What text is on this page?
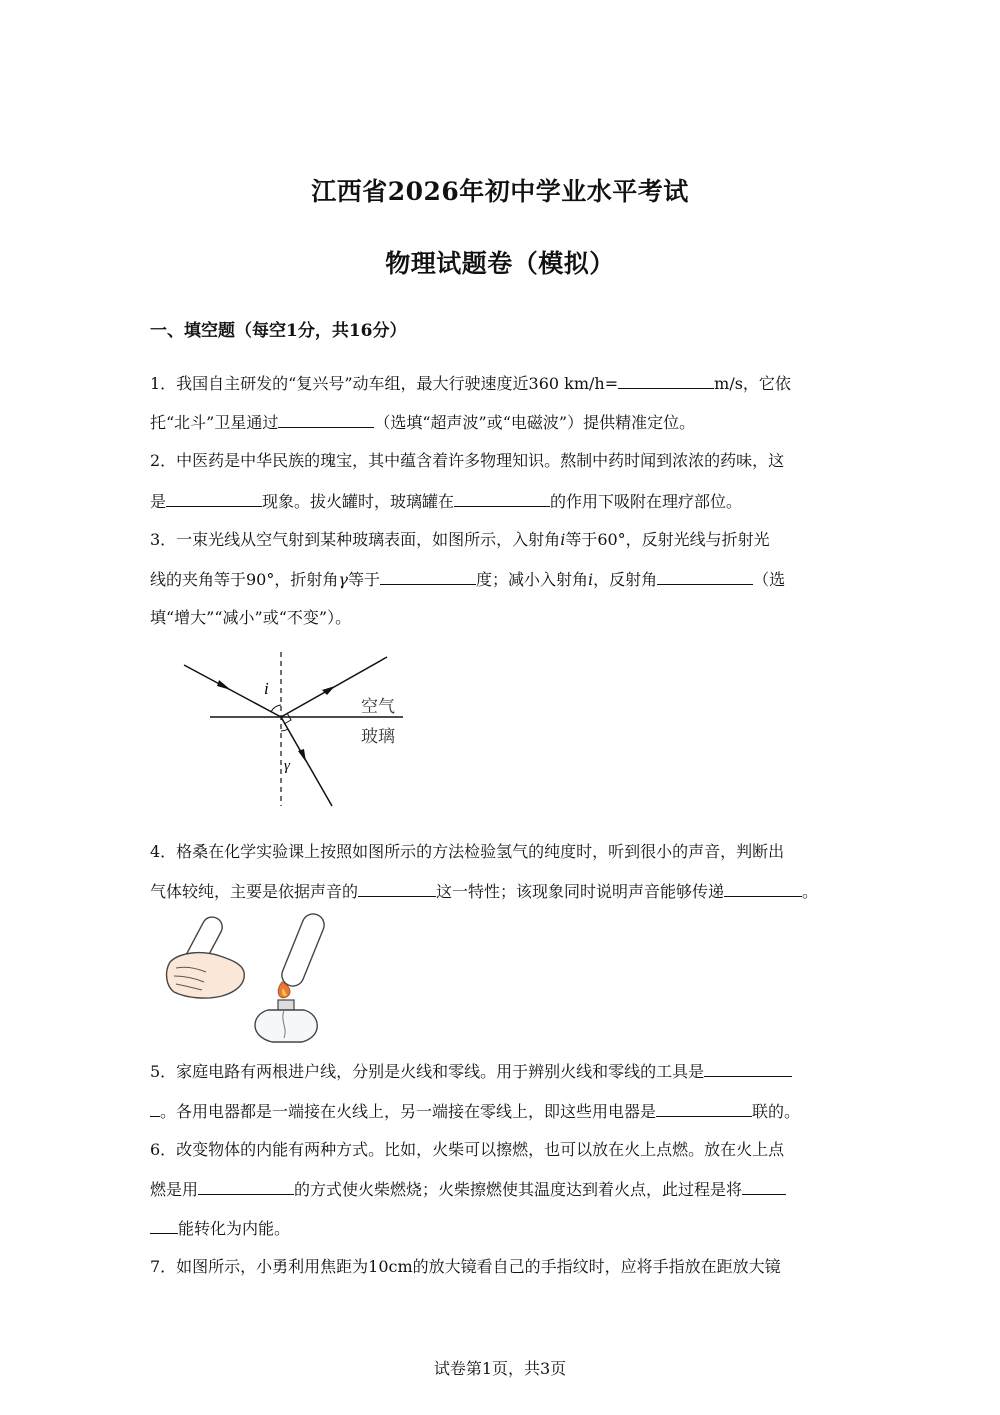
江西省2026年初中学业水平考试
物理试题卷（模拟）
一、填空题（每空1分，共16分）
1．我国自主研发的“复兴号”动车组，最大行驶速度近360 km/h=	m/s，它依
托“北斗”卫星通过	（选填“超声波”或“电磁波”）提供精准定位。
2．中医药是中华民族的瑰宝，其中蕴含着许多物理知识。熬制中药时闻到浓浓的药味，这
是	现象。拔火罐时，玻璃罐在	的作用下吸附在理疗部位。
3．一束光线从空气射到某种玻璃表面，如图所示，入射角i等于60°，反射光线与折射光
线的夹角等于90°，折射角γ等于	度；减小入射角i，反射角	（选
填“增大”“减小”或“不变”）。
i
γ
空气
玻璃
4．格桑在化学实验课上按照如图所示的方法检验氢气的纯度时，听到很小的声音，判断出
气体较纯，主要是依据声音的	这一特性；该现象同时说明声音能够传递	。
5．家庭电路有两根进户线，分别是火线和零线。用于辨别火线和零线的工具是
。各用电器都是一端接在火线上，另一端接在零线上，即这些用电器是	联的。
6．改变物体的内能有两种方式。比如，火柴可以擦燃，也可以放在火上点燃。放在火上点
燃是用	的方式使火柴燃烧；火柴擦燃使其温度达到着火点，此过程是将
能转化为内能。
7．如图所示，小勇利用焦距为10cm的放大镜看自己的手指纹时，应将手指放在距放大镜
试卷第1页，共3页
